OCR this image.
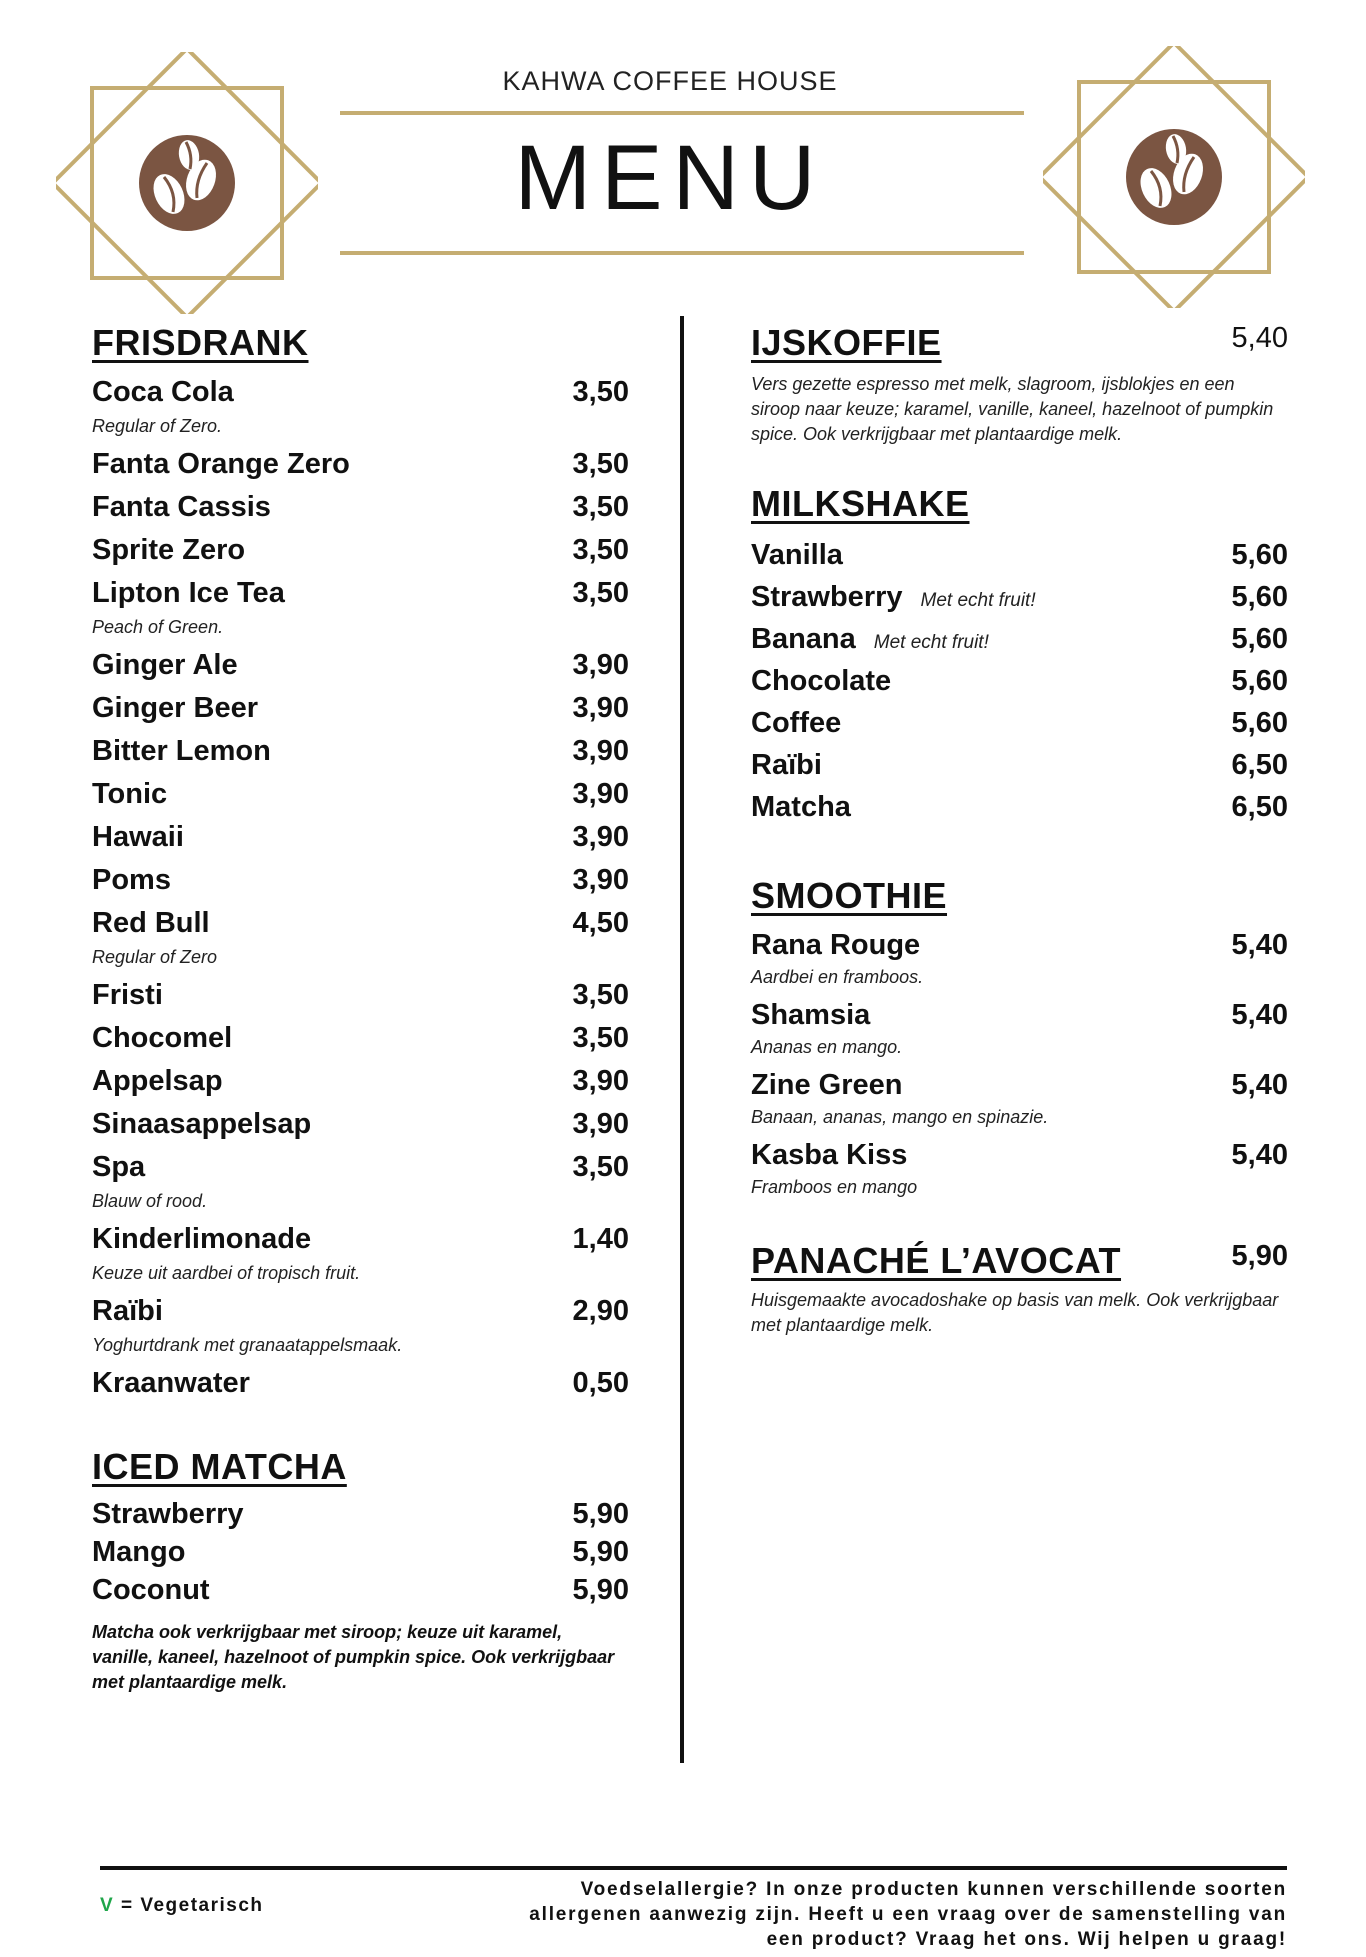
KAHWA COFFEE HOUSE
MENU
FRISDRANK
Coca Cola	3,50
Regular of Zero.
Fanta Orange Zero	3,50
Fanta Cassis	3,50
Sprite Zero	3,50
Lipton Ice Tea	3,50
Peach of Green.
Ginger Ale	3,90
Ginger Beer	3,90
Bitter Lemon	3,90
Tonic	3,90
Hawaii	3,90
Poms	3,90
Red Bull	4,50
Regular of Zero
Fristi	3,50
Chocomel	3,50
Appelsap	3,90
Sinaasappelsap	3,90
Spa	3,50
Blauw of rood.
Kinderlimonade	1,40
Keuze uit aardbei of tropisch fruit.
Raïbi	2,90
Yoghurtdrank met granaatappelsmaak.
Kraanwater	0,50
ICED MATCHA
Strawberry	5,90
Mango	5,90
Coconut	5,90
Matcha ook verkrijgbaar met siroop; keuze uit karamel, vanille, kaneel, hazelnoot of pumpkin spice. Ook verkrijgbaar met plantaardige melk.
IJSKOFFIE	5,40
Vers gezette espresso met melk, slagroom, ijsblokjes en een siroop naar keuze; karamel, vanille, kaneel, hazelnoot of pumpkin spice. Ook verkrijgbaar met plantaardige melk.
MILKSHAKE
Vanilla	5,60
Strawberry Met echt fruit!	5,60
Banana Met echt fruit!	5,60
Chocolate	5,60
Coffee	5,60
Raïbi	6,50
Matcha	6,50
SMOOTHIE
Rana Rouge	5,40
Aardbei en framboos.
Shamsia	5,40
Ananas en mango.
Zine Green	5,40
Banaan, ananas, mango en spinazie.
Kasba Kiss	5,40
Framboos en mango
PANACHÉ L’AVOCAT	5,90
Huisgemaakte avocadoshake op basis van melk. Ook verkrijgbaar met plantaardige melk.
V = Vegetarisch
Voedselallergie? In onze producten kunnen verschillende soorten allergenen aanwezig zijn. Heeft u een vraag over de samenstelling van een product? Vraag het ons. Wij helpen u graag!
